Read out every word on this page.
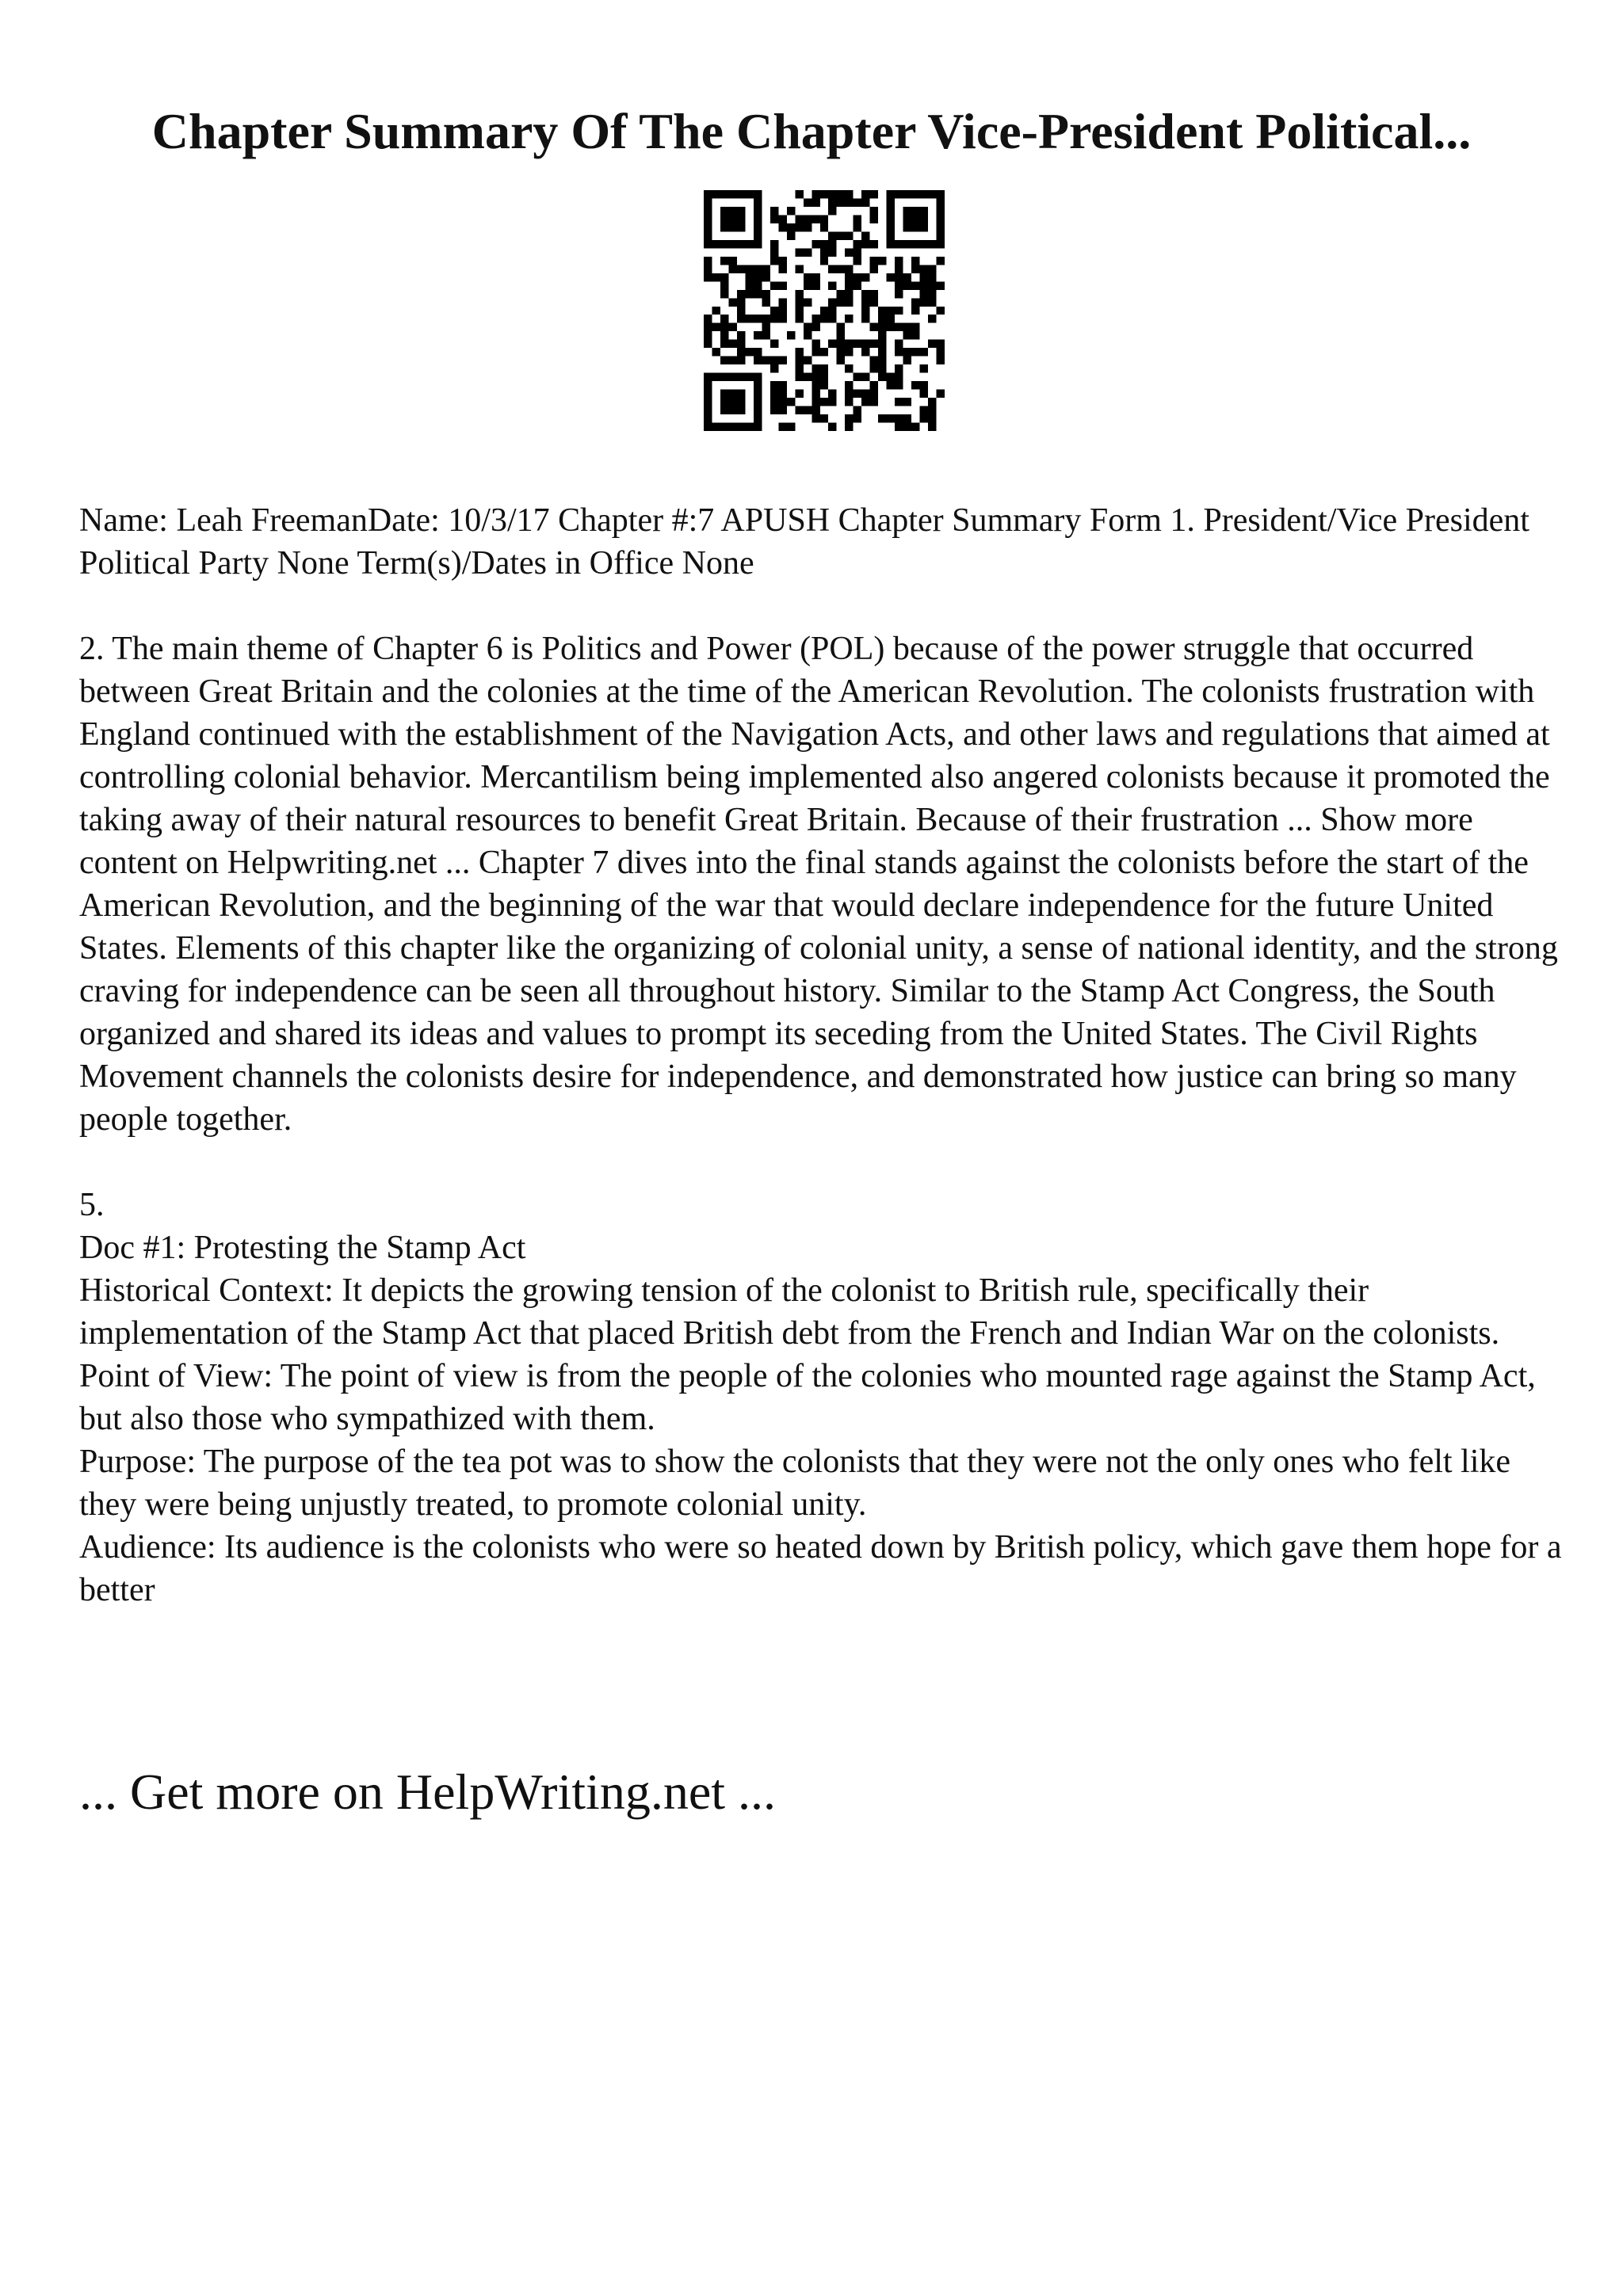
Chapter Summary Of The Chapter Vice-President Political...

Name: Leah FreemanDate: 10/3/17 Chapter #:7 APUSH Chapter Summary Form 1. President/Vice President Political Party None Term(s)/Dates in Office None

2. The main theme of Chapter 6 is Politics and Power (POL) because of the power struggle that occurred between Great Britain and the colonies at the time of the American Revolution. The colonists frustration with England continued with the establishment of the Navigation Acts, and other laws and regulations that aimed at controlling colonial behavior. Mercantilism being implemented also angered colonists because it promoted the taking away of their natural resources to benefit Great Britain. Because of their frustration ... Show more content on Helpwriting.net ... Chapter 7 dives into the final stands against the colonists before the start of the American Revolution, and the beginning of the war that would declare independence for the future United States. Elements of this chapter like the organizing of colonial unity, a sense of national identity, and the strong craving for independence can be seen all throughout history. Similar to the Stamp Act Congress, the South organized and shared its ideas and values to prompt its seceding from the United States. The Civil Rights Movement channels the colonists desire for independence, and demonstrated how justice can bring so many people together.

5.

Doc #1: Protesting the Stamp Act

Historical Context: It depicts the growing tension of the colonist to British rule, specifically their implementation of the Stamp Act that placed British debt from the French and Indian War on the colonists.

Point of View: The point of view is from the people of the colonies who mounted rage against the Stamp Act, but also those who sympathized with them.

Purpose: The purpose of the tea pot was to show the colonists that they were not the only ones who felt like they were being unjustly treated, to promote colonial unity.

Audience: Its audience is the colonists who were so heated down by British policy, which gave them hope for a better

... Get more on HelpWriting.net ...
